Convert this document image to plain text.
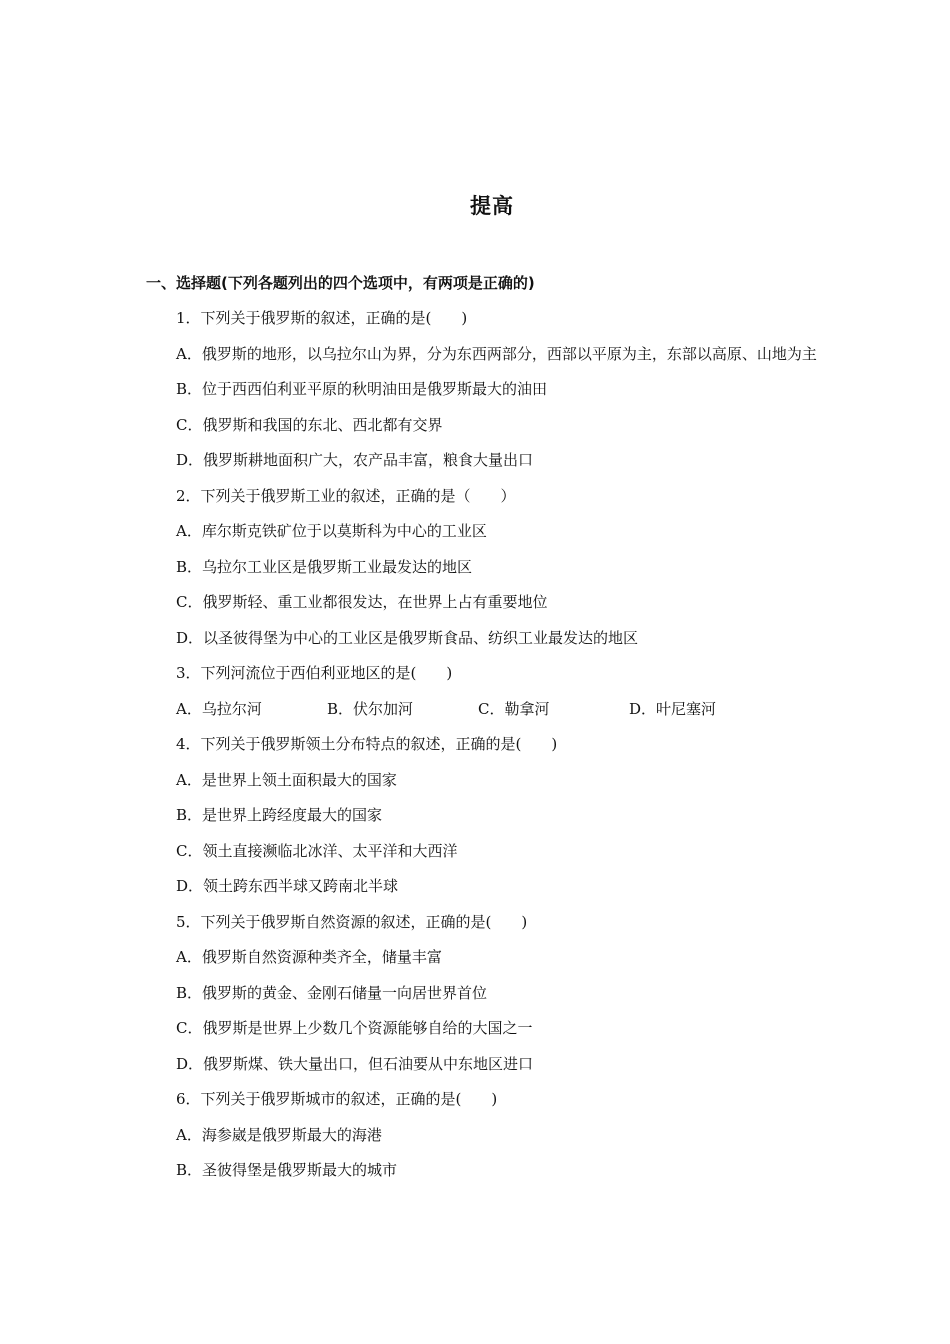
提高
一、选择题(下列各题列出的四个选项中，有两项是正确的)
1．下列关于俄罗斯的叙述，正确的是(　　)
A．俄罗斯的地形，以乌拉尔山为界，分为东西两部分，西部以平原为主，东部以高原、山地为主
B．位于西西伯利亚平原的秋明油田是俄罗斯最大的油田
C．俄罗斯和我国的东北、西北都有交界
D．俄罗斯耕地面积广大，农产品丰富，粮食大量出口
2．下列关于俄罗斯工业的叙述，正确的是（　　）
A．库尔斯克铁矿位于以莫斯科为中心的工业区
B．乌拉尔工业区是俄罗斯工业最发达的地区
C．俄罗斯轻、重工业都很发达，在世界上占有重要地位
D．以圣彼得堡为中心的工业区是俄罗斯食品、纺织工业最发达的地区
3．下列河流位于西伯利亚地区的是(　　)
A．乌拉尔河	B．伏尔加河	C．勒拿河	D．叶尼塞河
4．下列关于俄罗斯领土分布特点的叙述，正确的是(　　)
A．是世界上领土面积最大的国家
B．是世界上跨经度最大的国家
C．领土直接濒临北冰洋、太平洋和大西洋
D．领土跨东西半球又跨南北半球
5．下列关于俄罗斯自然资源的叙述，正确的是(　　)
A．俄罗斯自然资源种类齐全，储量丰富
B．俄罗斯的黄金、金刚石储量一向居世界首位
C．俄罗斯是世界上少数几个资源能够自给的大国之一
D．俄罗斯煤、铁大量出口，但石油要从中东地区进口
6．下列关于俄罗斯城市的叙述，正确的是(　　)
A．海参崴是俄罗斯最大的海港
B．圣彼得堡是俄罗斯最大的城市
